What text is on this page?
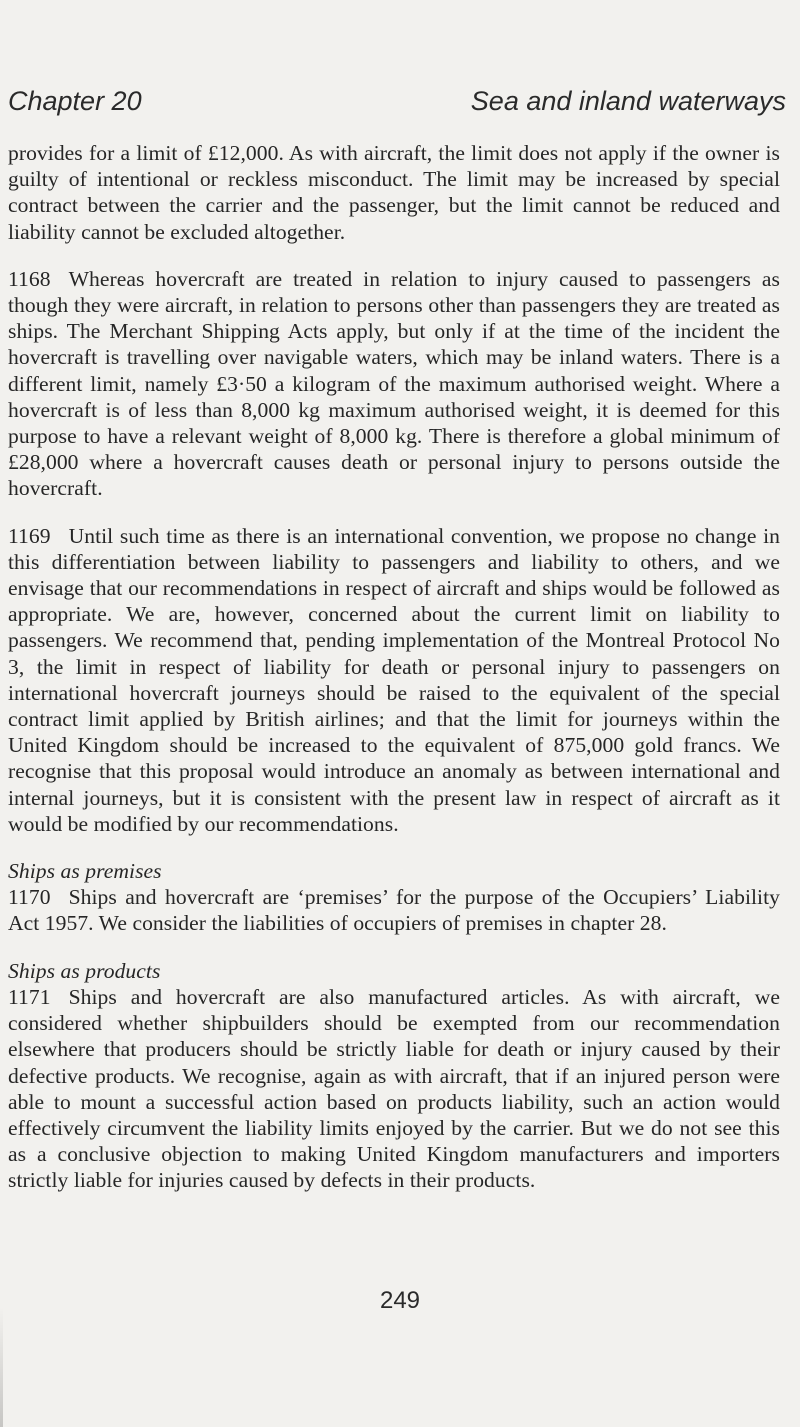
Chapter 20	Sea and inland waterways

provides for a limit of £12,000. As with aircraft, the limit does not apply if the owner is guilty of intentional or reckless misconduct. The limit may be increased by special contract between the carrier and the passenger, but the limit cannot be reduced and liability cannot be excluded altogether.

1168 Whereas hovercraft are treated in relation to injury caused to passengers as though they were aircraft, in relation to persons other than passengers they are treated as ships. The Merchant Shipping Acts apply, but only if at the time of the incident the hovercraft is travelling over navigable waters, which may be inland waters. There is a different limit, namely £3·50 a kilogram of the maximum authorised weight. Where a hovercraft is of less than 8,000 kg maximum authorised weight, it is deemed for this purpose to have a relevant weight of 8,000 kg. There is therefore a global minimum of £28,000 where a hovercraft causes death or personal injury to persons outside the hovercraft.

1169 Until such time as there is an international convention, we propose no change in this differentiation between liability to passengers and liability to others, and we envisage that our recommendations in respect of aircraft and ships would be followed as appropriate. We are, however, concerned about the current limit on liability to passengers. We recommend that, pending implementation of the Montreal Protocol No 3, the limit in respect of liability for death or personal injury to passengers on international hovercraft journeys should be raised to the equivalent of the special contract limit applied by British airlines; and that the limit for journeys within the United Kingdom should be increased to the equivalent of 875,000 gold francs. We recognise that this proposal would introduce an anomaly as between international and internal journeys, but it is consistent with the present law in respect of aircraft as it would be modified by our recommendations.

Ships as premises

1170 Ships and hovercraft are ‘premises’ for the purpose of the Occupiers’ Liability Act 1957. We consider the liabilities of occupiers of premises in chapter 28.

Ships as products

1171 Ships and hovercraft are also manufactured articles. As with aircraft, we considered whether shipbuilders should be exempted from our recommendation elsewhere that producers should be strictly liable for death or injury caused by their defective products. We recognise, again as with aircraft, that if an injured person were able to mount a successful action based on products liability, such an action would effectively circumvent the liability limits enjoyed by the carrier. But we do not see this as a conclusive objection to making United Kingdom manufacturers and importers strictly liable for injuries caused by defects in their products.

249
